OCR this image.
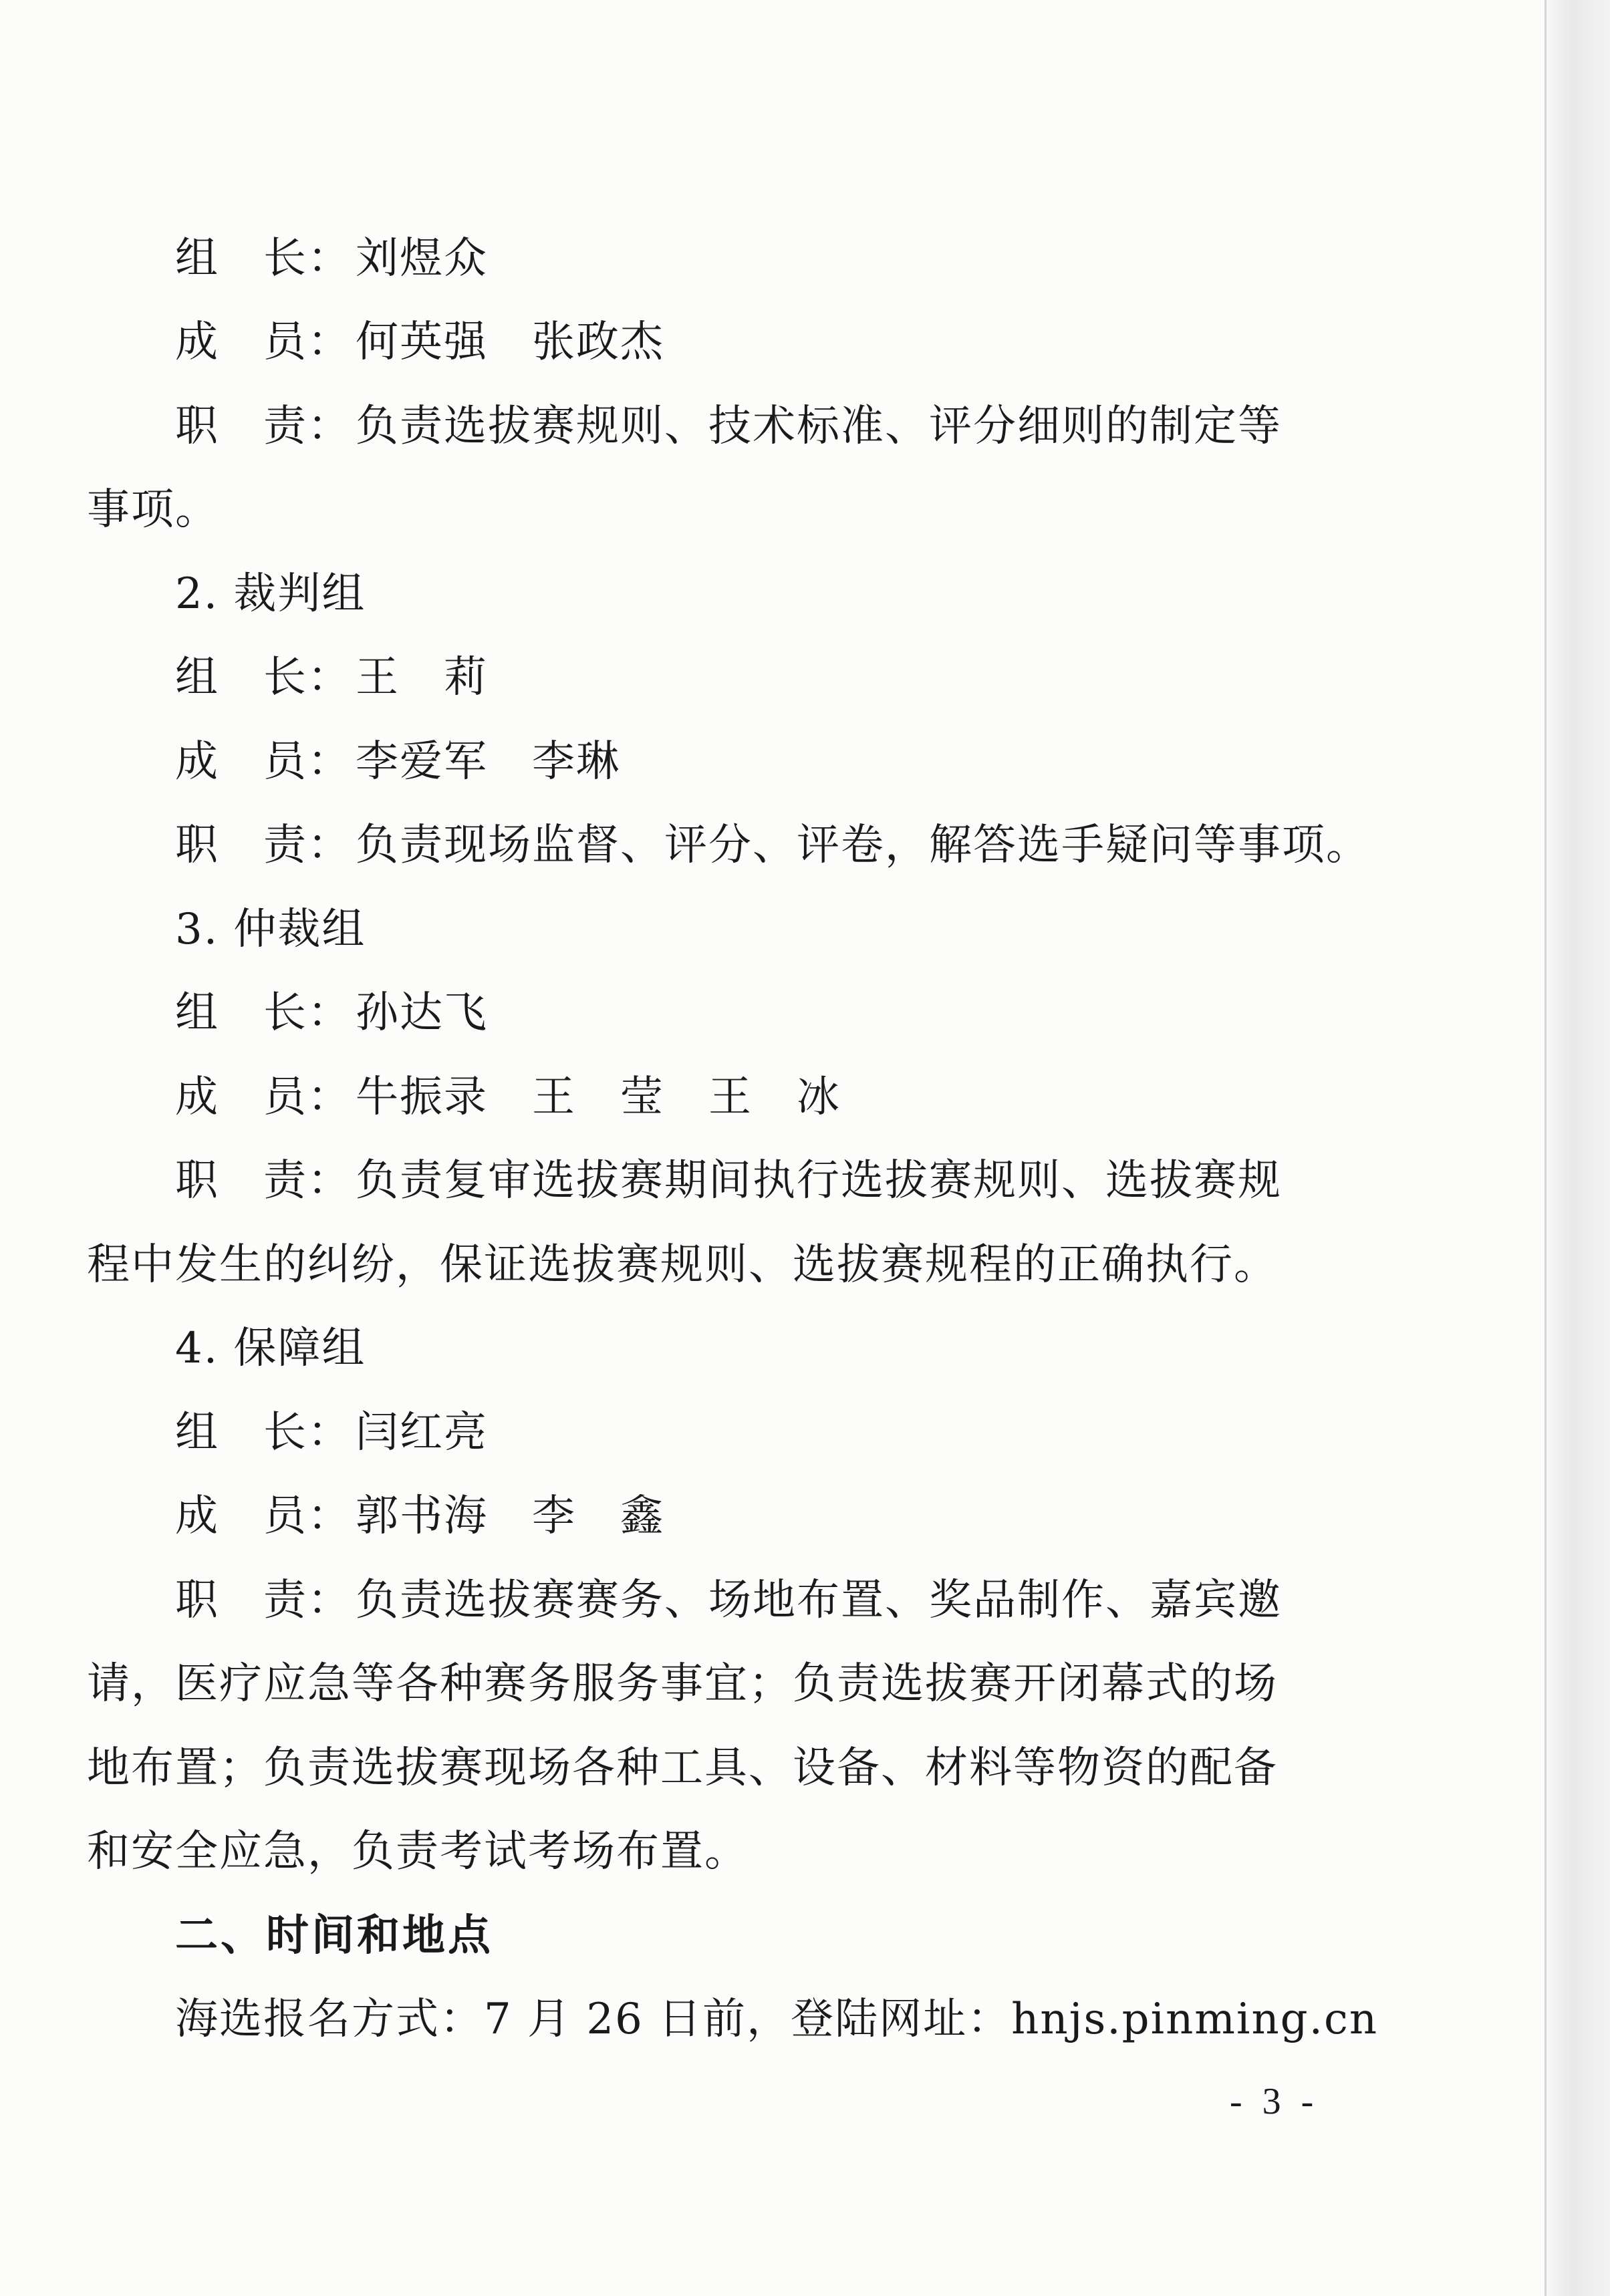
组　长：刘煜众
成　员：何英强　张政杰
职　责：负责选拔赛规则、技术标准、评分细则的制定等
事项。
2. 裁判组
组　长：王　莉
成　员：李爱军　李琳
职　责：负责现场监督、评分、评卷，解答选手疑问等事项。
3. 仲裁组
组　长：孙达飞
成　员：牛振录　王　莹　王　冰
职　责：负责复审选拔赛期间执行选拔赛规则、选拔赛规
程中发生的纠纷，保证选拔赛规则、选拔赛规程的正确执行。
4. 保障组
组　长：闫红亮
成　员：郭书海　李　鑫
职　责：负责选拔赛赛务、场地布置、奖品制作、嘉宾邀
请，医疗应急等各种赛务服务事宜；负责选拔赛开闭幕式的场
地布置；负责选拔赛现场各种工具、设备、材料等物资的配备
和安全应急，负责考试考场布置。
二、时间和地点
海选报名方式：7 月 26 日前，登陆网址：hnjs.pinming.cn
- 3 -
